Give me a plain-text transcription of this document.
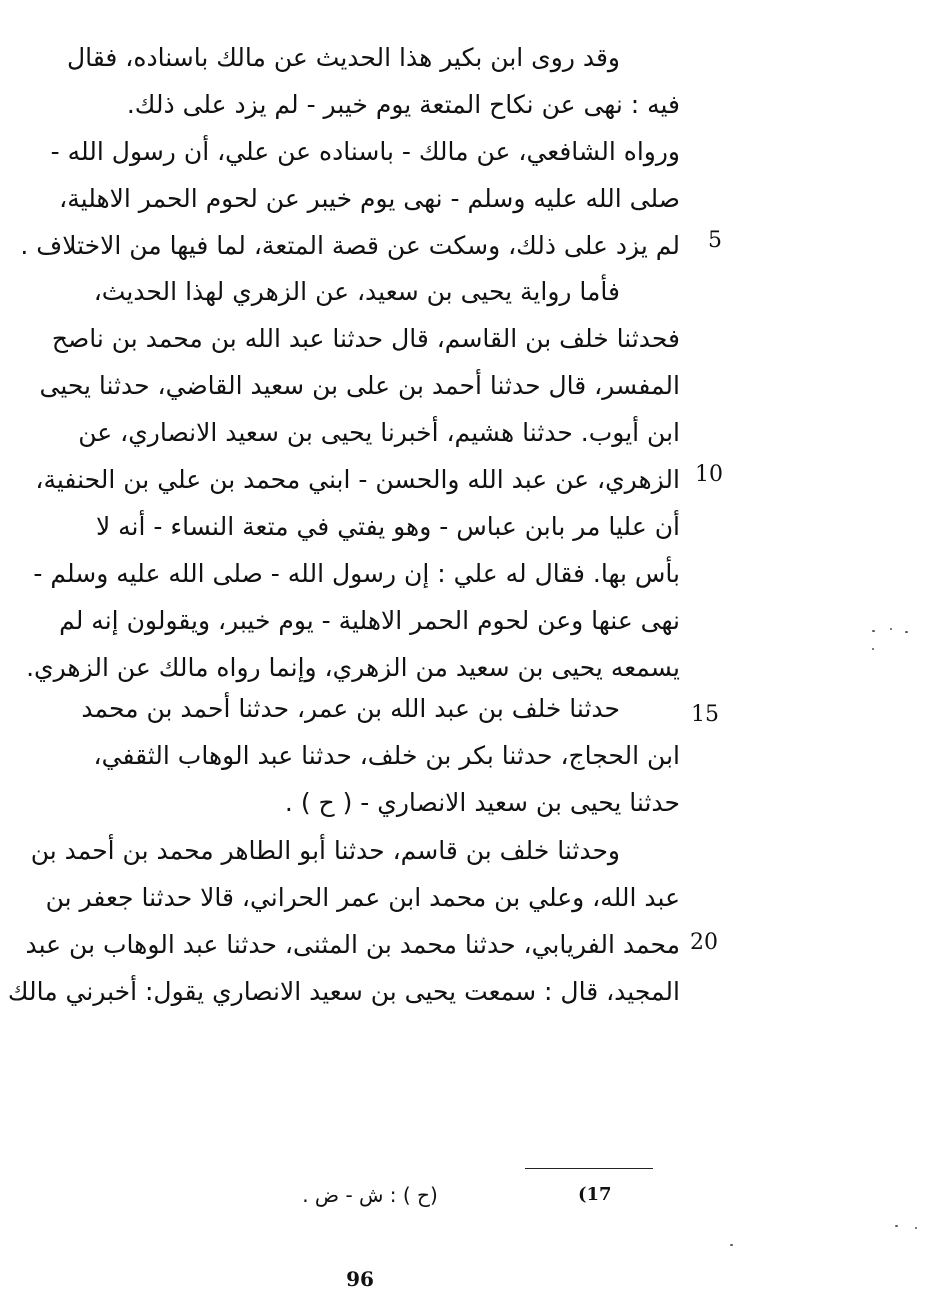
وقد روى ابن بكير هذا الحديث عن مالك باسناده، فقال
فيه : نهى عن نكاح المتعة يوم خيبر - لم يزد على ذلك.
ورواه الشافعي، عن مالك - باسناده عن علي، أن رسول الله -
صلى الله عليه وسلم - نهى يوم خيبر عن لحوم الحمر الاهلية،
لم يزد على ذلك، وسكت عن قصة المتعة، لما فيها من الاختلاف .
فأما رواية يحيى بن سعيد، عن الزهري لهذا الحديث،
فحدثنا خلف بن القاسم، قال حدثنا عبد الله بن محمد بن ناصح
المفسر، قال حدثنا أحمد بن على بن سعيد القاضي، حدثنا يحيى
ابن أيوب. حدثنا هشيم، أخبرنا يحيى بن سعيد الانصاري، عن
الزهري، عن عبد الله والحسن - ابني محمد بن علي بن الحنفية،
أن عليا مر بابن عباس - وهو يفتي في متعة النساء - أنه لا
بأس بها. فقال له علي : إن رسول الله - صلى الله عليه وسلم -
نهى عنها وعن لحوم الحمر الاهلية - يوم خيبر، ويقولون إنه لم
يسمعه يحيى بن سعيد من الزهري، وإنما رواه مالك عن الزهري.
حدثنا خلف بن عبد الله بن عمر، حدثنا أحمد بن محمد
ابن الحجاج، حدثنا بكر بن خلف، حدثنا عبد الوهاب الثقفي،
حدثنا يحيى بن سعيد الانصاري - ( ح ) .
وحدثنا خلف بن قاسم، حدثنا أبو الطاهر محمد بن أحمد بن
عبد الله، وعلي بن محمد ابن عمر الحراني، قالا حدثنا جعفر بن
محمد الفريابي، حدثنا محمد بن المثنى، حدثنا عبد الوهاب بن عبد
المجيد، قال : سمعت يحيى بن سعيد الانصاري يقول: أخبرني مالك
5
10
15
20
(17
(ح ) : ش - ض .
96
